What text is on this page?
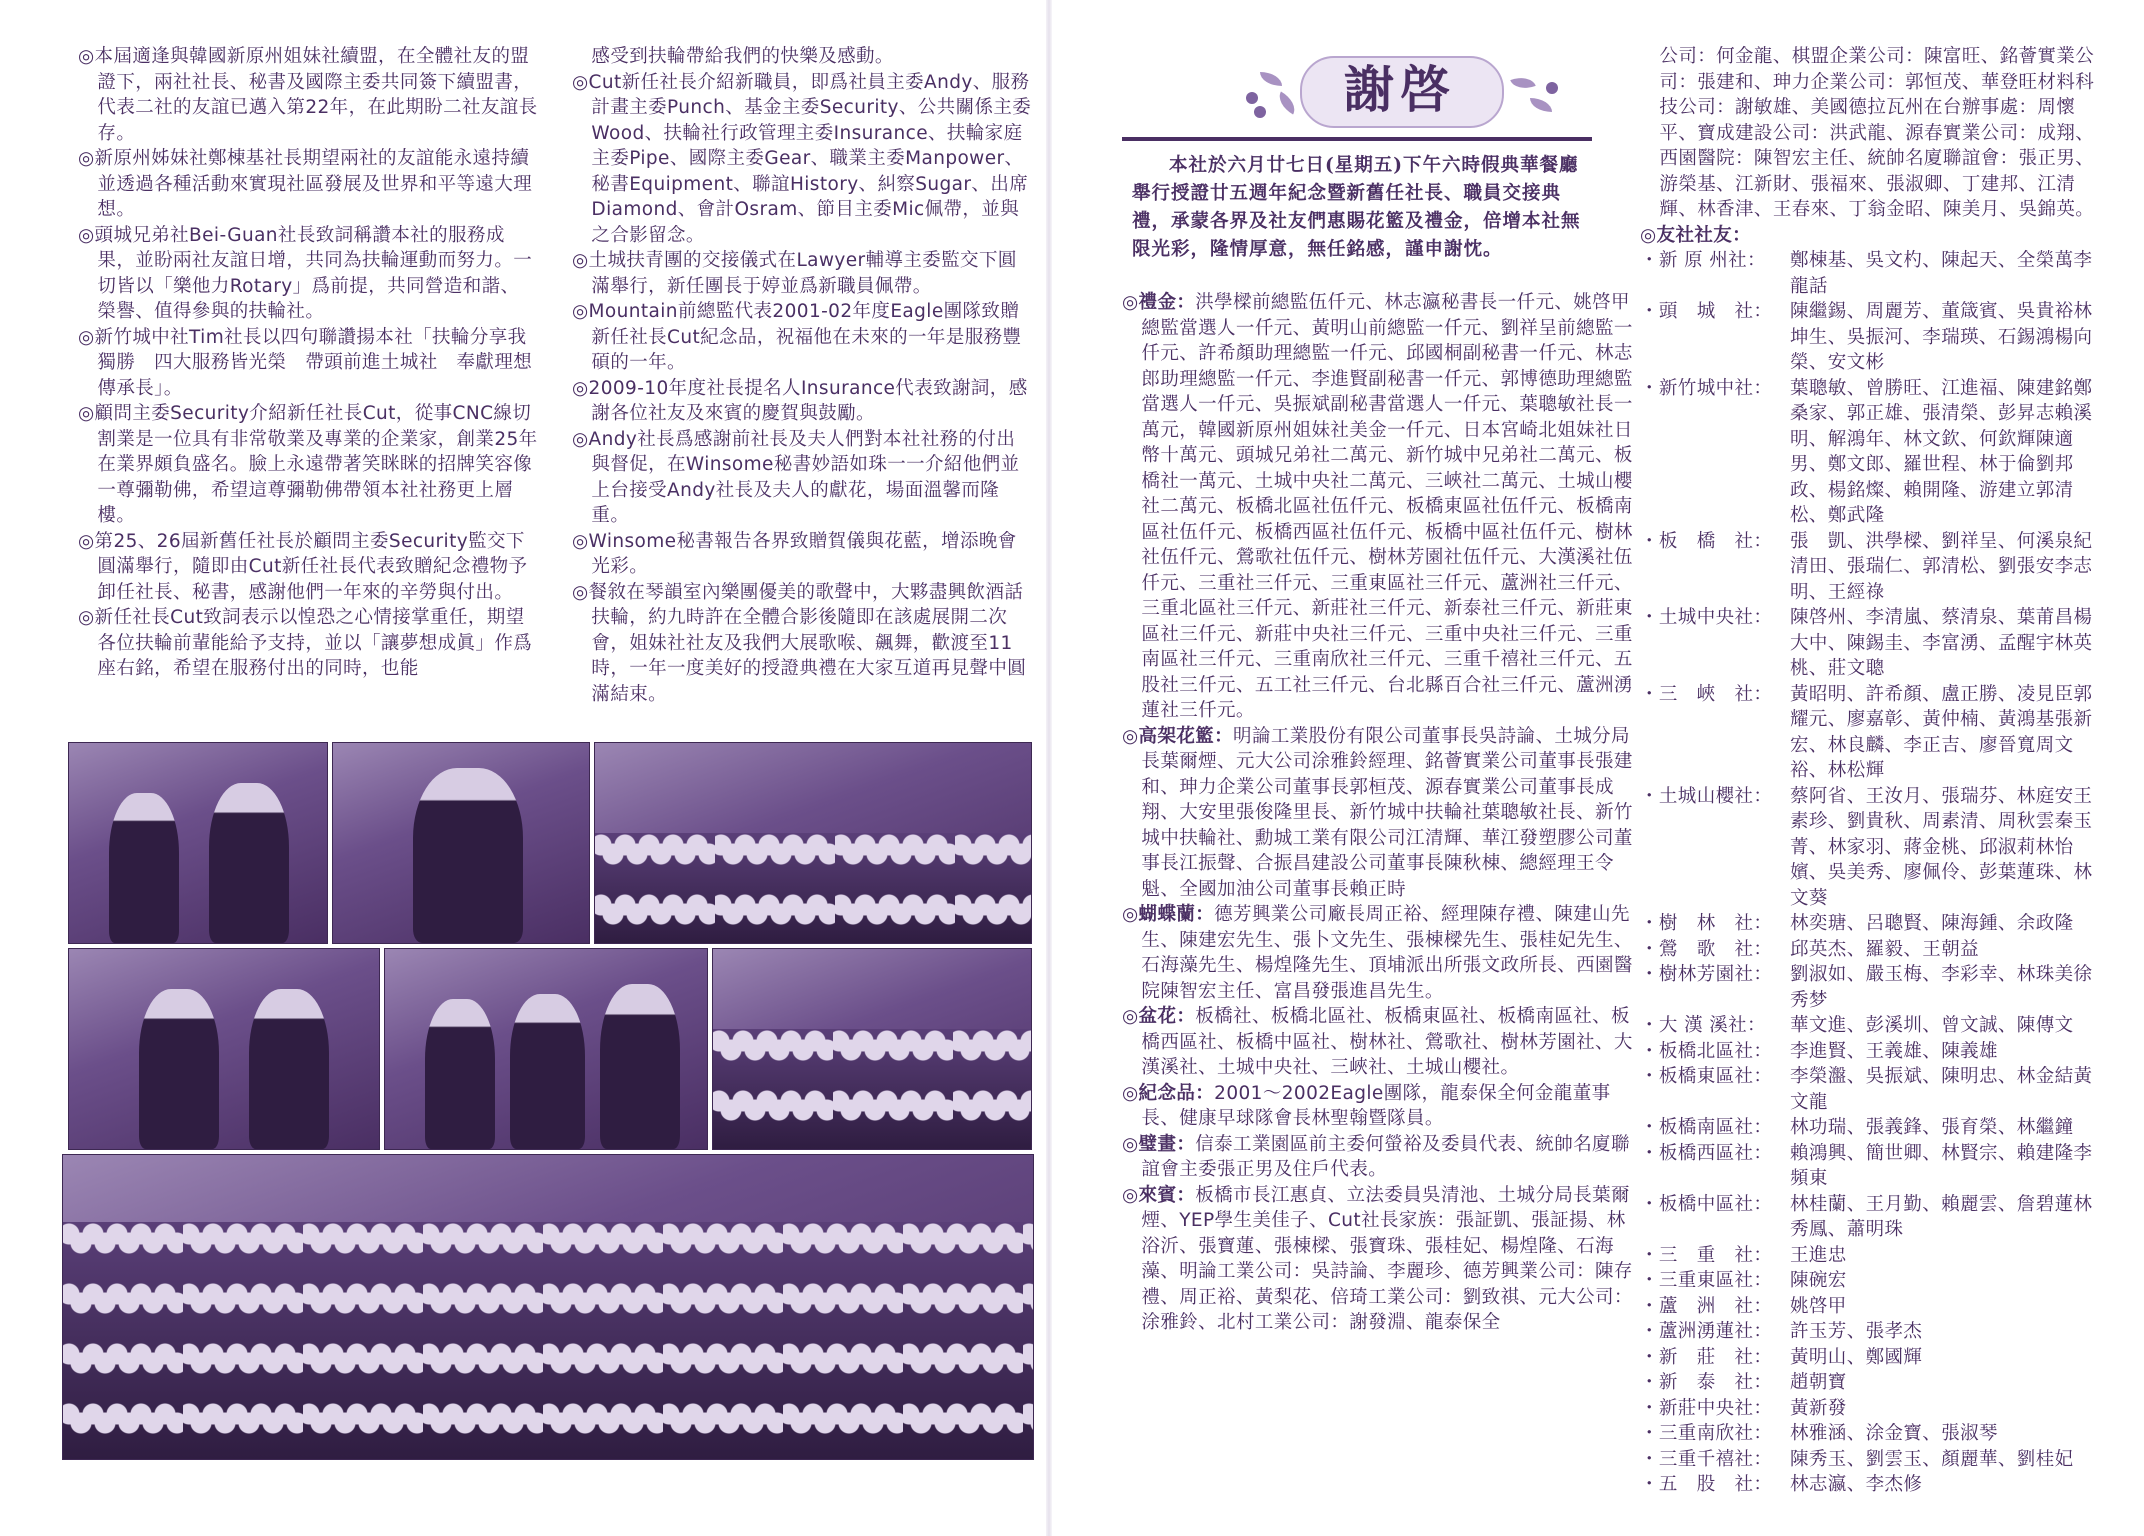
◎本屆適逢與韓國新原州姐妹社續盟，在全體社友的盟證下，兩社社長、秘書及國際主委共同簽下續盟書，代表二社的友誼已邁入第22年，在此期盼二社友誼長存。

◎新原州姊妹社鄭棟基社長期望兩社的友誼能永遠持續並透過各種活動來實現社區發展及世界和平等遠大理想。

◎頭城兄弟社Bei-Guan社長致詞稱讚本社的服務成果，並盼兩社友誼日增，共同為扶輪運動而努力。一切皆以「樂他力Rotary」爲前提，共同營造和諧、榮譽、值得參與的扶輪社。

◎新竹城中社Tim社長以四句聯讚揚本社「扶輪分享我獨勝　四大服務皆光榮　帶頭前進土城社　奉獻理想傳承長」。

◎顧問主委Security介紹新任社長Cut，從事CNC線切割業是一位具有非常敬業及專業的企業家，創業25年在業界頗負盛名。臉上永遠帶著笑眯眯的招牌笑容像一尊彌勒佛，希望這尊彌勒佛帶領本社社務更上層樓。

◎第25、26屆新舊任社長於顧問主委Security監交下圓滿舉行，隨即由Cut新任社長代表致贈紀念禮物予卸任社長、秘書，感謝他們一年來的辛勞與付出。

◎新任社長Cut致詞表示以惶恐之心情接掌重任，期望各位扶輪前輩能給予支持，並以「讓夢想成眞」作爲座右銘，希望在服務付出的同時，也能

感受到扶輪帶給我們的快樂及感動。

◎Cut新任社長介紹新職員，即爲社員主委Andy、服務計畫主委Punch、基金主委Security、公共關係主委Wood、扶輪社行政管理主委Insurance、扶輪家庭主委Pipe、國際主委Gear、職業主委Manpower、秘書Equipment、聯誼History、糾察Sugar、出席Diamond、會計Osram、節目主委Mic佩帶，並與之合影留念。

◎土城扶青團的交接儀式在Lawyer輔導主委監交下圓滿舉行，新任團長于婷並爲新職員佩帶。

◎Mountain前總監代表2001-02年度Eagle團隊致贈新任社長Cut紀念品，祝福他在未來的一年是服務豐碩的一年。

◎2009-10年度社長提名人Insurance代表致謝詞，感謝各位社友及來賓的慶賀與鼓勵。

◎Andy社長爲感謝前社長及夫人們對本社社務的付出與督促，在Winsome秘書妙語如珠一一介紹他們並上台接受Andy社長及夫人的獻花，場面溫馨而隆重。

◎Winsome秘書報告各界致贈賀儀與花藍，增添晚會光彩。

◎餐敘在琴韻室內樂團優美的歌聲中，大夥盡興飲酒話扶輪，約九時許在全體合影後隨即在該處展開二次會，姐妹社社友及我們大展歌喉、飆舞，歡渡至11時，一年一度美好的授證典禮在大家互道再見聲中圓滿結束。

謝啓
本社於六月廿七日(星期五)下午六時假典華餐廳舉行授證廿五週年紀念暨新舊任社長、職員交接典禮，承蒙各界及社友們惠賜花籃及禮金，倍增本社無限光彩，隆情厚意，無任銘感，謹申謝忱。

◎禮金：洪學樑前總監伍仟元、林志瀛秘書長一仟元、姚啓甲總監當選人一仟元、黃明山前總監一仟元、劉祥呈前總監一仟元、許希顏助理總監一仟元、邱國桐副秘書一仟元、林志郎助理總監一仟元、李進賢副秘書一仟元、郭博德助理總監當選人一仟元、吳振斌副秘書當選人一仟元、葉聰敏社長一萬元，韓國新原州姐妹社美金一仟元、日本宮崎北姐妹社日幣十萬元、頭城兄弟社二萬元、新竹城中兄弟社二萬元、板橋社一萬元、土城中央社二萬元、三峽社二萬元、土城山櫻社二萬元、板橋北區社伍仟元、板橋東區社伍仟元、板橋南區社伍仟元、板橋西區社伍仟元、板橋中區社伍仟元、樹林社伍仟元、鶯歌社伍仟元、樹林芳園社伍仟元、大漢溪社伍仟元、三重社三仟元、三重東區社三仟元、蘆洲社三仟元、三重北區社三仟元、新莊社三仟元、新泰社三仟元、新莊東區社三仟元、新莊中央社三仟元、三重中央社三仟元、三重南區社三仟元、三重南欣社三仟元、三重千禧社三仟元、五股社三仟元、五工社三仟元、台北縣百合社三仟元、蘆洲湧蓮社三仟元。

◎高架花籃：明論工業股份有限公司董事長吳詩論、土城分局長葉爾煙、元大公司涂雅鈴經理、銘薈實業公司董事長張建和、珅力企業公司董事長郭桓茂、源春實業公司董事長成翔、大安里張俊隆里長、新竹城中扶輪社葉聰敏社長、新竹城中扶輪社、勳城工業有限公司江清輝、華江發塑膠公司董事長江振聲、合振昌建設公司董事長陳秋棟、總經理王令魁、全國加油公司董事長賴正時

◎蝴蝶蘭：德芳興業公司廠長周正裕、經理陳存禮、陳建山先生、陳建宏先生、張卜文先生、張棟樑先生、張桂妃先生、石海藻先生、楊煌隆先生、頂埔派出所張文政所長、西園醫院陳智宏主任、富昌發張進昌先生。

◎盆花：板橋社、板橋北區社、板橋東區社、板橋南區社、板橋西區社、板橋中區社、樹林社、鶯歌社、樹林芳園社、大漢溪社、土城中央社、三峽社、土城山櫻社。

◎紀念品：2001～2002Eagle團隊，龍泰保全何金龍董事長、健康早球隊會長林聖翰暨隊員。

◎璧畫：信泰工業園區前主委何螢裕及委員代表、統帥名廈聯誼會主委張正男及住戶代表。

◎來賓：板橋市長江惠貞、立法委員吳清池、土城分局長葉爾煙、YEP學生美佳子、Cut社長家族：張証凱、張証揚、林浴沂、張寶蓮、張棟樑、張寶珠、張桂妃、楊煌隆、石海藻、明論工業公司：吳詩論、李麗珍、德芳興業公司：陳存禮、周正裕、黃梨花、倍琦工業公司：劉致祺、元大公司：涂雅鈴、北村工業公司：謝發淵、龍泰保全

公司：何金龍、棋盟企業公司：陳富旺、銘薈實業公司：張建和、珅力企業公司：郭恒茂、華登旺材料科技公司：謝敏雄、美國德拉瓦州在台辦事處：周懷平、寶成建設公司：洪武龍、源春實業公司：成翔、西園醫院：陳智宏主任、統帥名廈聯誼會：張正男、游榮基、江新財、張福來、張淑卿、丁建邦、江清輝、林香津、王春來、丁翁金昭、陳美月、吳錦英。

◎友社社友：

・新 原 州社：	鄭棟基、吳文杓、陳起天、全榮萬李龍話
・頭　城　社： 陳繼錫、周麗芳、董箴賓、吳貴裕林坤生、吳振河、李瑞瑛、石錫鴻楊向榮、安文彬
・新竹城中社： 葉聰敏、曾勝旺、江進福、陳建銘鄭桑家、郭正雄、張清榮、彭昇志賴溪明、解鴻年、林文欽、何欽輝陳適男、鄭文郎、羅世程、林于倫劉邦政、楊銘燦、賴開隆、游建立郭清松、鄭武隆
・板　橋　社： 張　凱、洪學樑、劉祥呈、何溪泉紀清田、張瑞仁、郭清松、劉張安李志明、王經祿
・土城中央社： 陳啓州、李清嵐、蔡清泉、葉莆昌楊大中、陳錫圭、李富湧、孟醒宇林英桃、莊文聰
・三　峽　社： 黃昭明、許希顏、盧正勝、凌見臣郭耀元、廖嘉彰、黃仲楠、黃鴻基張新宏、林良麟、李正吉、廖晉寬周文裕、林松輝
・土城山櫻社： 蔡阿省、王汝月、張瑞芬、林庭安王素珍、劉貴秋、周素清、周秋雲秦玉菁、林家羽、蔣金桃、邱淑莉林怡嬪、吳美秀、廖佩伶、彭葉蓮珠、林文葵
・樹　林　社： 林奕瑭、呂聰賢、陳海鍾、余政隆
・鶯　歌　社： 邱英杰、羅毅、王朝益
・樹林芳園社： 劉淑如、嚴玉梅、李彩幸、林珠美徐秀梦
・大 漢 溪社：	華文進、彭溪圳、曾文誠、陳傳文
・板橋北區社： 李進賢、王義雄、陳義雄
・板橋東區社： 李榮瀊、吳振斌、陳明忠、林金結黃文龍
・板橋南區社： 林功瑞、張義鋒、張育榮、林繼鐘
・板橋西區社： 賴鴻興、簡世卿、林賢宗、賴建隆李頻東
・板橋中區社： 林桂蘭、王月勤、賴麗雲、詹碧蓮林秀鳳、蕭明珠
・三　重　社： 王進忠
・三重東區社： 陳碗宏
・蘆　洲　社： 姚啓甲
・蘆洲湧蓮社： 許玉芳、張孝杰
・新　莊　社： 黃明山、鄭國輝
・新　泰　社： 趙朝寶
・新莊中央社： 黃新發
・三重南欣社： 林雅涵、涂金寶、張淑琴
・三重千禧社： 陳秀玉、劉雲玉、顏麗華、劉桂妃
・五　股　社： 林志瀛、李杰修
